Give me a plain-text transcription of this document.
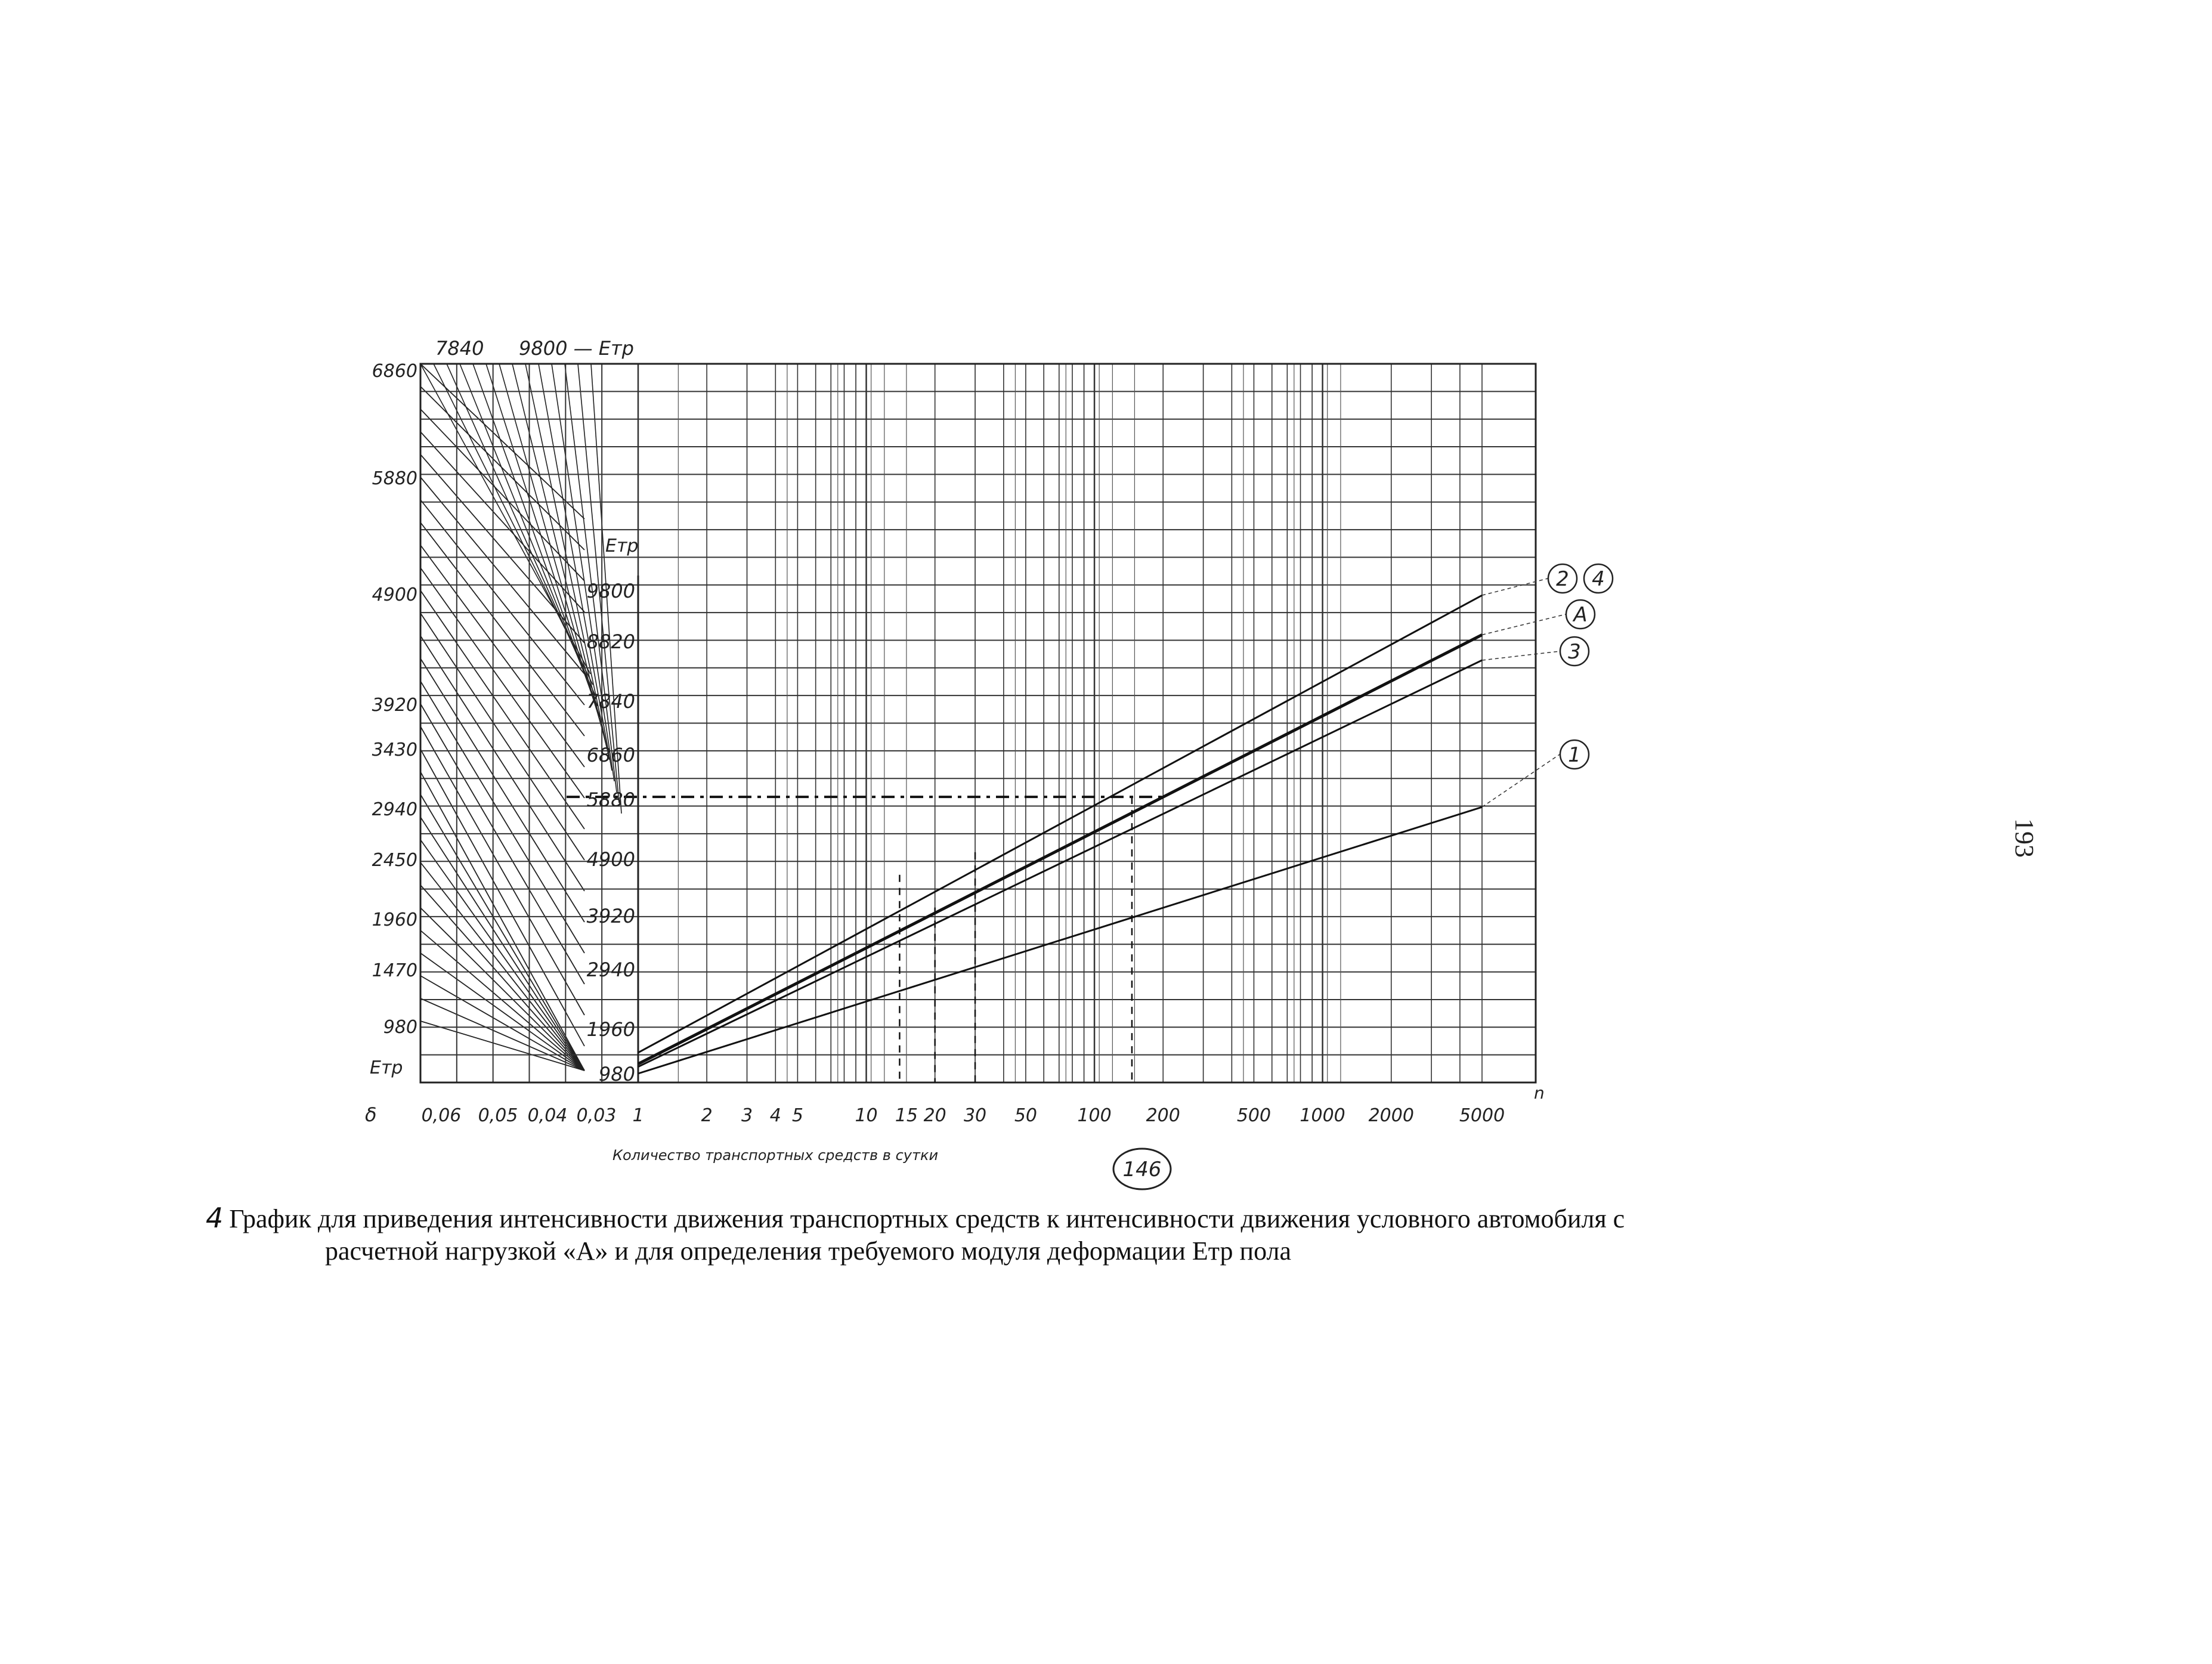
2 4
А
3
1
1	2 3 4 5	10 15 20 30 50 100 200	500 1000 2000	5000
n
δ	0,06 0,05 0,04 0,03
Количество транспортных средств в сутки
146
6860
5880
4900
3920
3430
2940
2450
1960
1470
980
Eтр
7840 9800 — Eтр
Eтр
9800
8820
7840
6860
5880
4900
3920
2940
1960
980
4 График для приведения интенсивности движения транспортных средств к интенсивности движения условного автомобиля с
расчетной нагрузкой «А» и для определения требуемого модуля деформации Eтр пола
193
